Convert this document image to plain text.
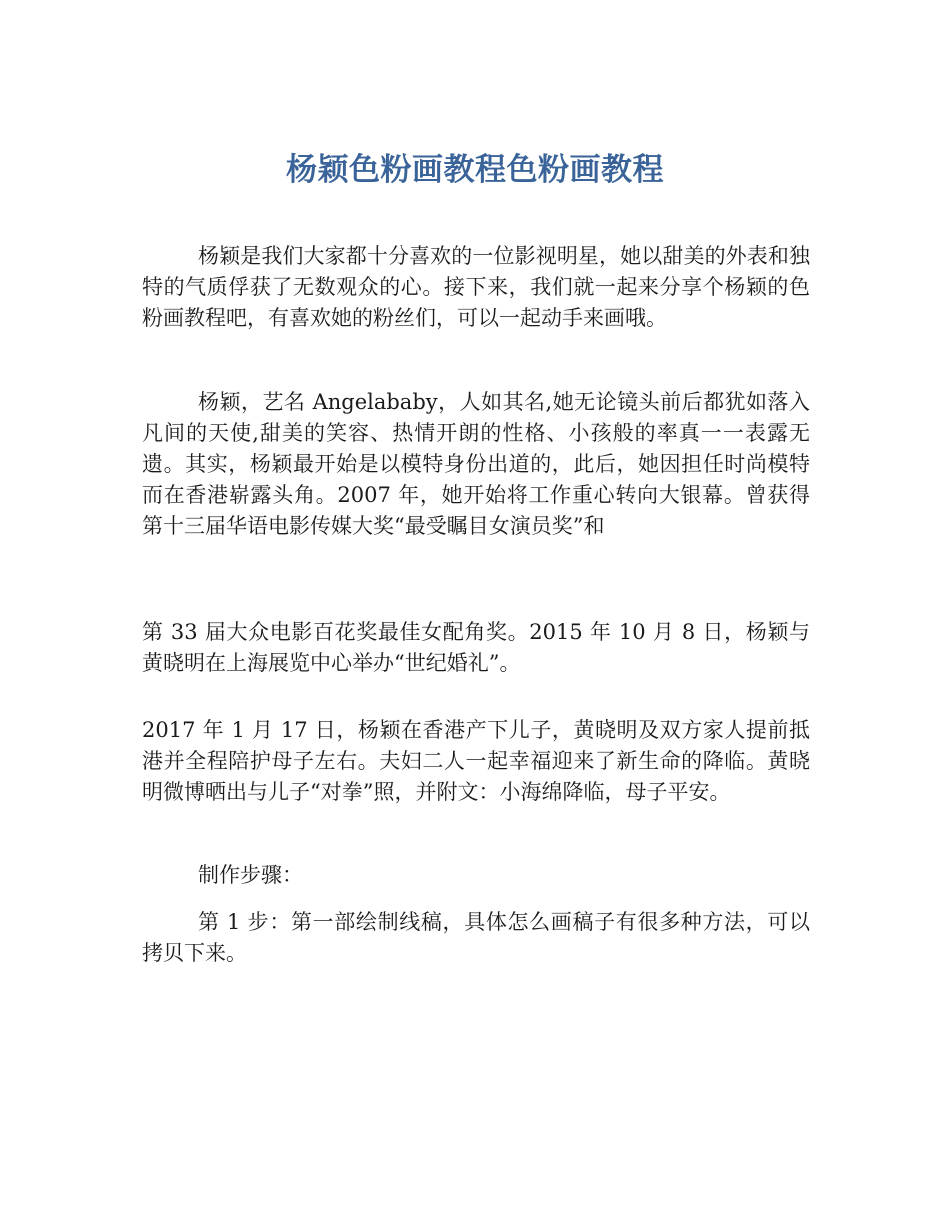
杨颖色粉画教程色粉画教程

杨颖是我们大家都十分喜欢的一位影视明星，她以甜美的外表和独特的气质俘获了无数观众的心。接下来，我们就一起来分享个杨颖的色粉画教程吧，有喜欢她的粉丝们，可以一起动手来画哦。

杨颖，艺名 Angelababy，人如其名,她无论镜头前后都犹如落入凡间的天使,甜美的笑容、热情开朗的性格、小孩般的率真一一表露无遗。其实，杨颖最开始是以模特身份出道的，此后，她因担任时尚模特而在香港崭露头角。2007 年，她开始将工作重心转向大银幕。曾获得第十三届华语电影传媒大奖“最受瞩目女演员奖”和

第 33 届大众电影百花奖最佳女配角奖。2015 年 10 月 8 日，杨颖与黄晓明在上海展览中心举办“世纪婚礼”。

2017 年 1 月 17 日，杨颖在香港产下儿子，黄晓明及双方家人提前抵港并全程陪护母子左右。夫妇二人一起幸福迎来了新生命的降临。黄晓明微博晒出与儿子“对拳”照，并附文：小海绵降临，母子平安。

制作步骤：

第 1 步：第一部绘制线稿，具体怎么画稿子有很多种方法，可以拷贝下来。
